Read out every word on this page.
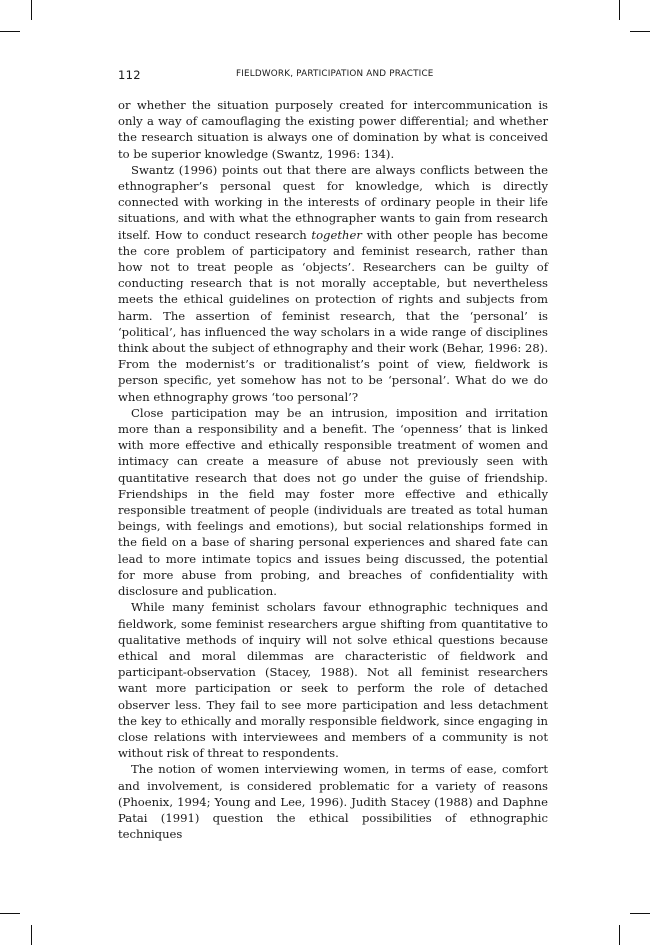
112	FIELDWORK, PARTICIPATION AND PRACTICE

or whether the situation purposely created for intercommunication is only a way of camouflaging the existing power differential; and whether the research situation is always one of domination by what is conceived to be superior knowledge (Swantz, 1996: 134).

Swantz (1996) points out that there are always conflicts between the ethnographer’s personal quest for knowledge, which is directly connected with working in the interests of ordinary people in their life situations, and with what the ethnographer wants to gain from research itself. How to conduct research together with other people has become the core problem of participatory and feminist research, rather than how not to treat people as ‘objects’. Researchers can be guilty of conducting research that is not morally acceptable, but nevertheless meets the ethical guidelines on protection of rights and subjects from harm. The assertion of feminist research, that the ‘personal’ is ‘political’, has influenced the way scholars in a wide range of disciplines think about the subject of ethnography and their work (Behar, 1996: 28). From the modernist’s or traditionalist’s point of view, fieldwork is person specific, yet somehow has not to be ‘personal’. What do we do when ethnography grows ‘too personal’?

Close participation may be an intrusion, imposition and irritation more than a responsibility and a benefit. The ‘openness’ that is linked with more effective and ethically responsible treatment of women and intimacy can create a measure of abuse not previously seen with quantitative research that does not go under the guise of friendship. Friendships in the field may foster more effective and ethically responsible treatment of people (individuals are treated as total human beings, with feelings and emotions), but social relationships formed in the field on a base of sharing personal experiences and shared fate can lead to more intimate topics and issues being discussed, the potential for more abuse from probing, and breaches of confidentiality with disclosure and publication.

While many feminist scholars favour ethnographic techniques and fieldwork, some feminist researchers argue shifting from quantitative to qualitative methods of inquiry will not solve ethical questions because ethical and moral dilemmas are characteristic of fieldwork and participant-observation (Stacey, 1988). Not all feminist researchers want more participation or seek to perform the role of detached observer less. They fail to see more participation and less detachment the key to ethically and morally responsible fieldwork, since engaging in close relations with interviewees and members of a community is not without risk of threat to respondents.

The notion of women interviewing women, in terms of ease, comfort and involvement, is considered problematic for a variety of reasons (Phoenix, 1994; Young and Lee, 1996). Judith Stacey (1988) and Daphne Patai (1991) question the ethical possibilities of ethnographic techniques
